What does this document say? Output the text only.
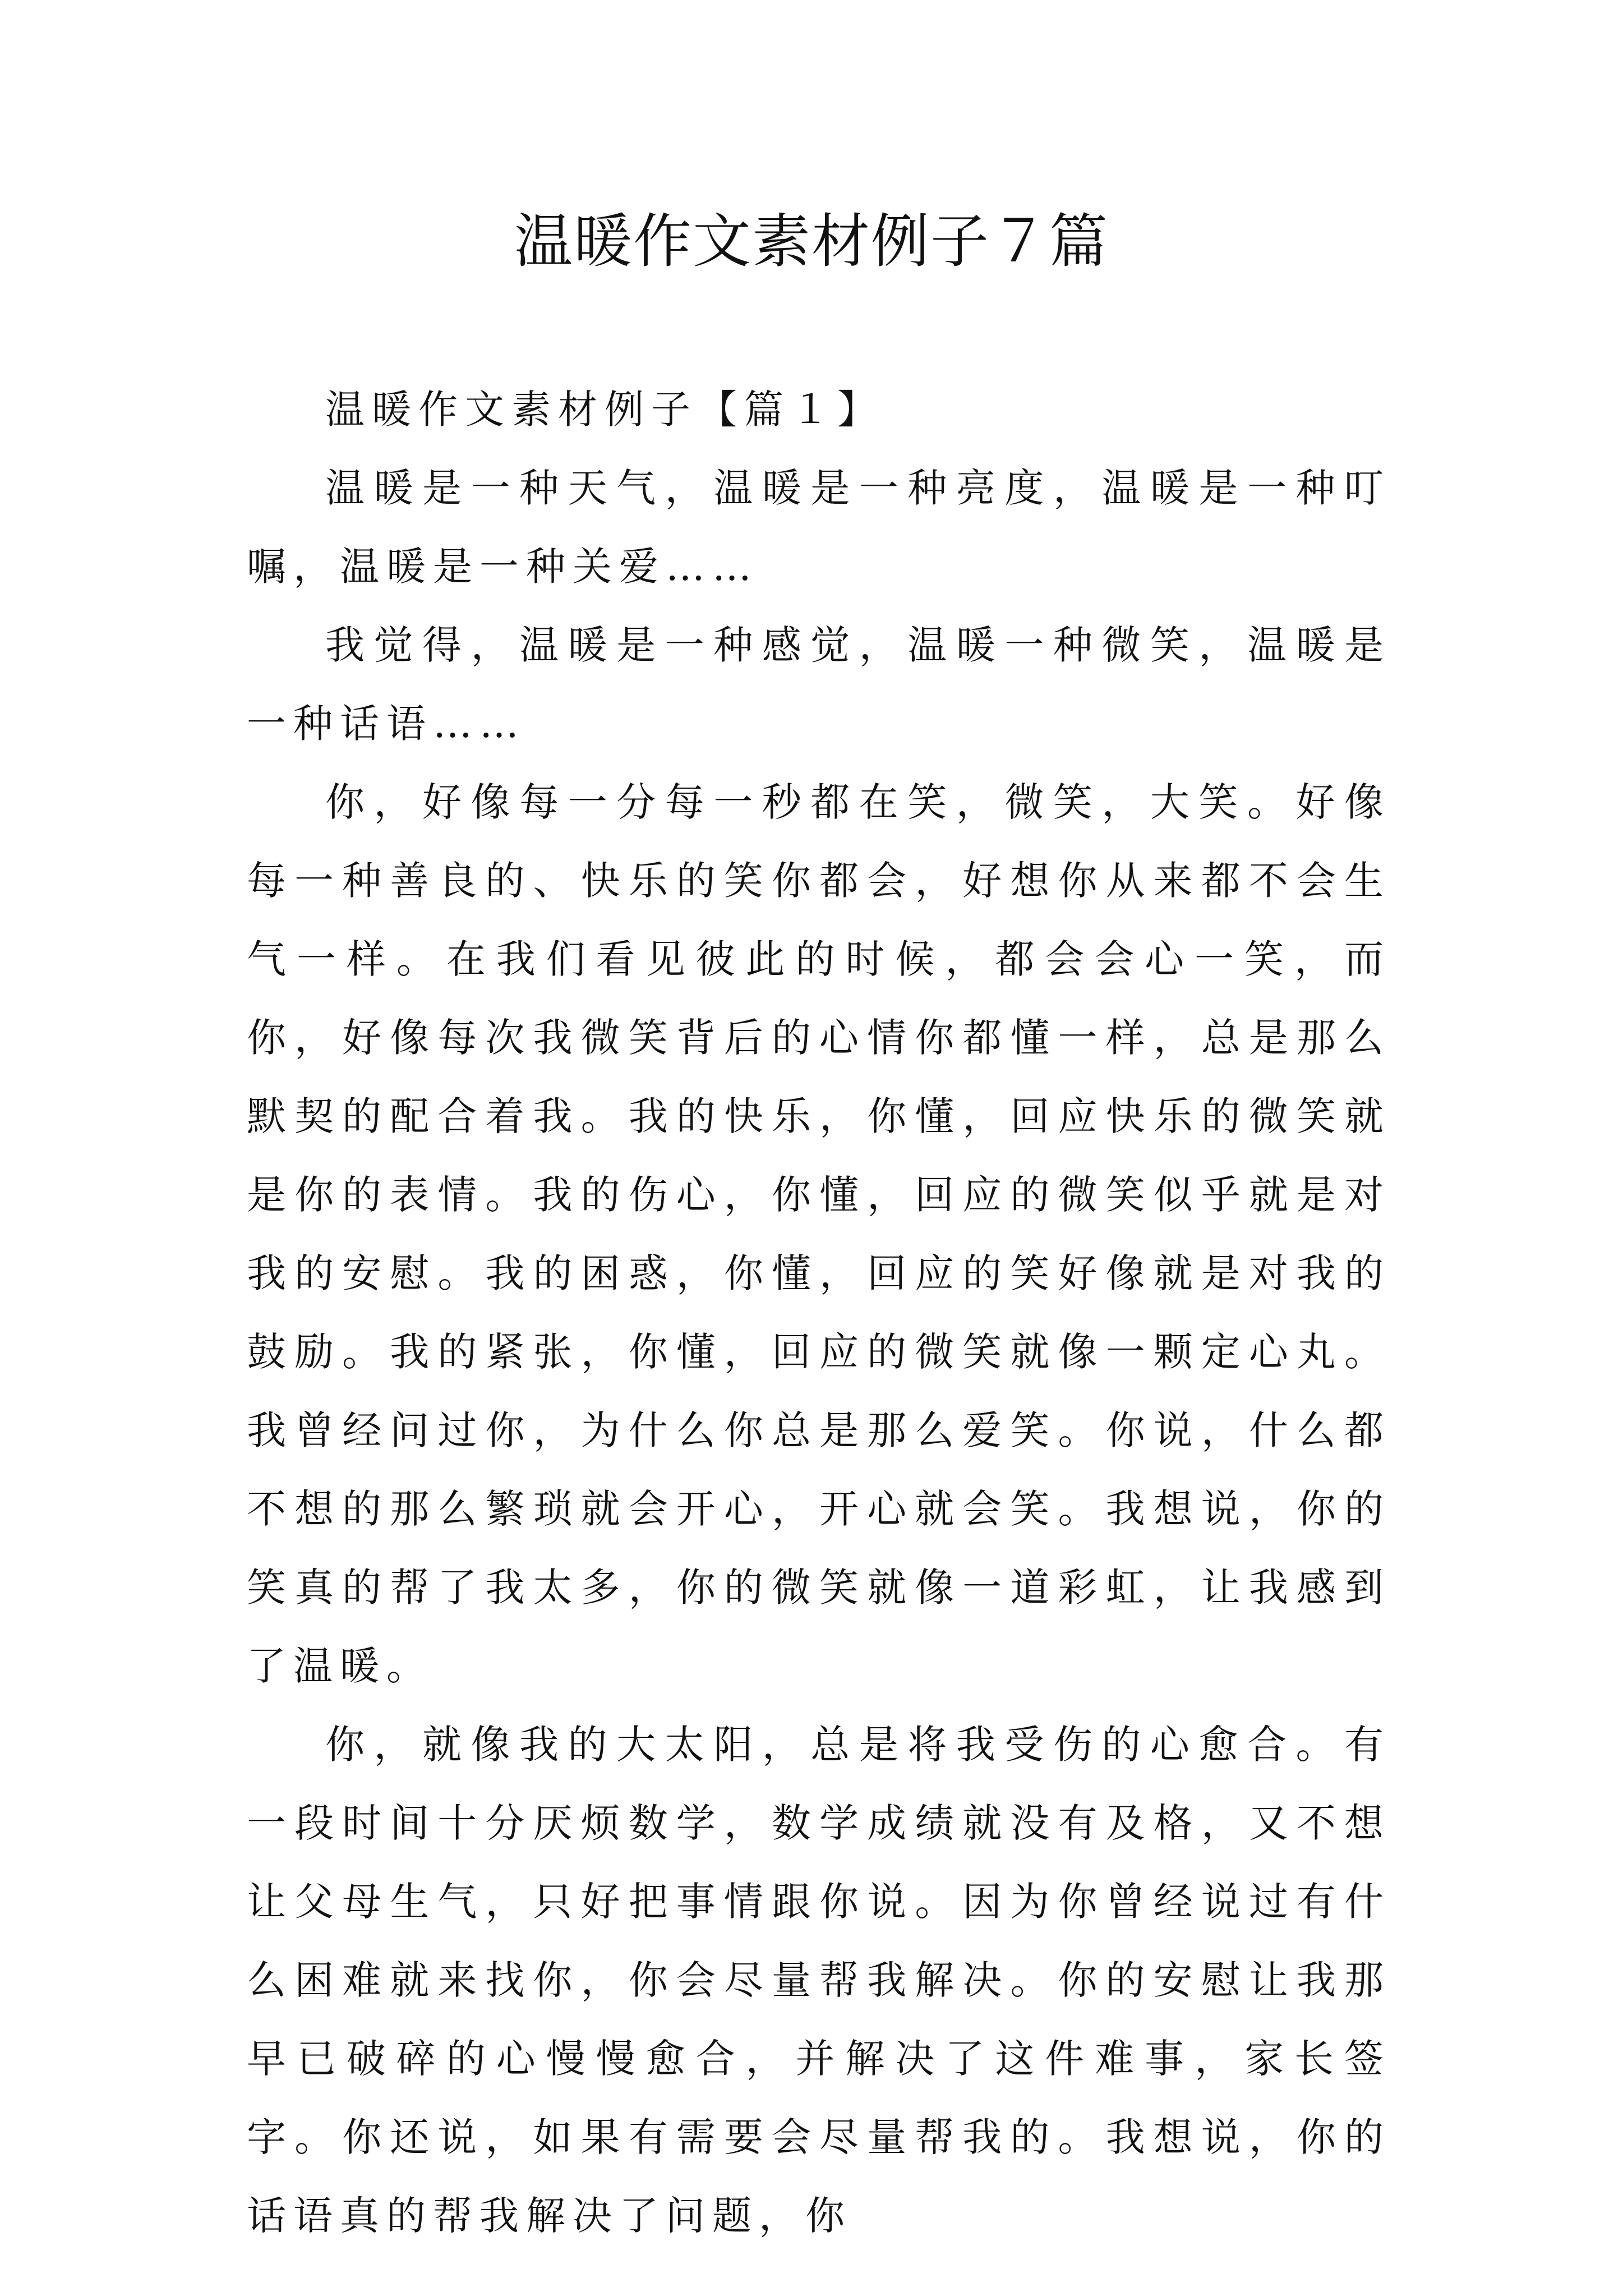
温暖作文素材例子７篇

温暖作文素材例子【篇１】

温暖是一种天气，温暖是一种亮度，温暖是一种叮嘱，温暖是一种关爱……

我觉得，温暖是一种感觉，温暖一种微笑，温暖是一种话语……

你，好像每一分每一秒都在笑，微笑，大笑。好像每一种善良的、快乐的笑你都会，好想你从来都不会生气一样。在我们看见彼此的时候，都会会心一笑，而你，好像每次我微笑背后的心情你都懂一样，总是那么默契的配合着我。我的快乐，你懂，回应快乐的微笑就是你的表情。我的伤心，你懂，回应的微笑似乎就是对我的安慰。我的困惑，你懂，回应的笑好像就是对我的鼓励。我的紧张，你懂，回应的微笑就像一颗定心丸。我曾经问过你，为什么你总是那么爱笑。你说，什么都不想的那么繁琐就会开心，开心就会笑。我想说，你的笑真的帮了我太多，你的微笑就像一道彩虹，让我感到了温暖。

你，就像我的大太阳，总是将我受伤的心愈合。有一段时间十分厌烦数学，数学成绩就没有及格，又不想让父母生气，只好把事情跟你说。因为你曾经说过有什么困难就来找你，你会尽量帮我解决。你的安慰让我那早已破碎的心慢慢愈合，并解决了这件难事，家长签字。你还说，如果有需要会尽量帮我的。我想说，你的话语真的帮我解决了问题，你
